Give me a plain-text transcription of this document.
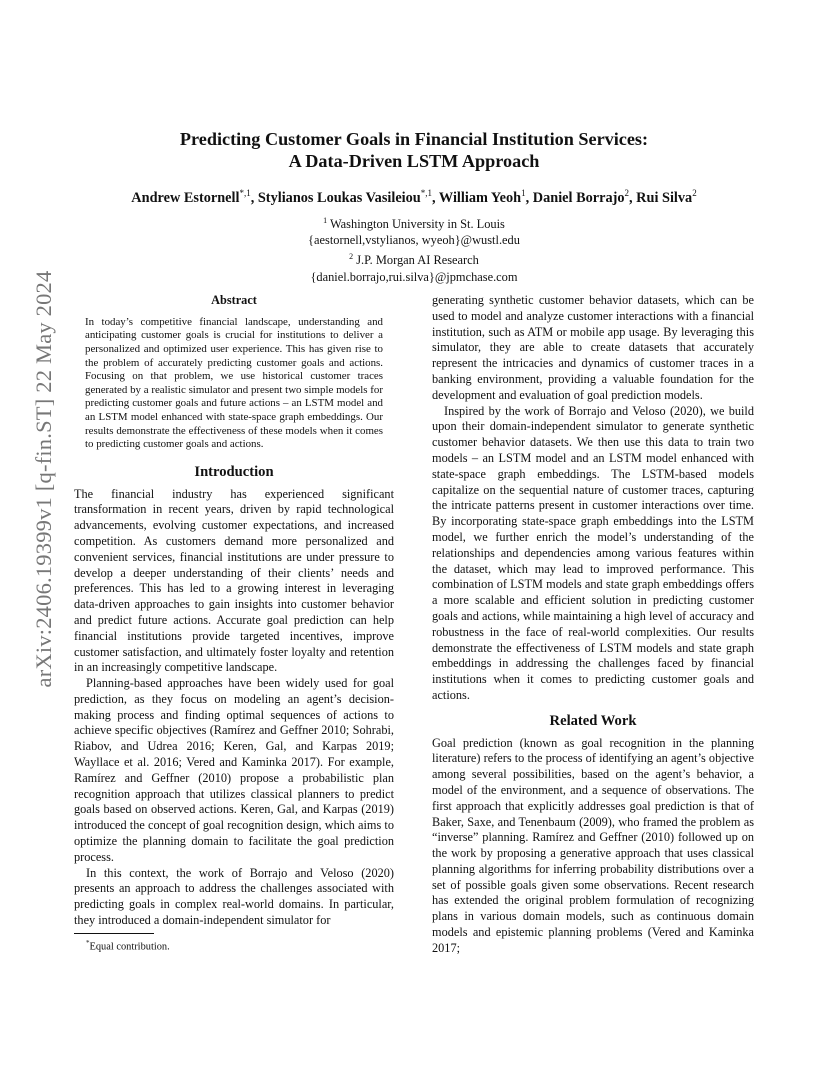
arXiv:2406.19399v1 [q-fin.ST] 22 May 2024
Predicting Customer Goals in Financial Institution Services:
A Data-Driven LSTM Approach
Andrew Estornell$^{*,1}$, Stylianos Loukas Vasileiou$^{*,1}$, William Yeoh$^1$, Daniel Borrajo$^2$, Rui Silva$^2$
$^1$ Washington University in St. Louis
{aestornell,vstylianos, wyeoh}@wustl.edu
$^2$ J.P. Morgan AI Research
{daniel.borrajo,rui.silva}@jpmchase.com
Abstract

In today’s competitive financial landscape, understanding and anticipating customer goals is crucial for institutions to deliver a personalized and optimized user experience. This has given rise to the problem of accurately predicting customer goals and actions. Focusing on that problem, we use historical customer traces generated by a realistic simulator and present two simple models for predicting customer goals and future actions – an LSTM model and an LSTM model enhanced with state-space graph embeddings. Our results demonstrate the effectiveness of these models when it comes to predicting customer goals and actions.

Introduction

The financial industry has experienced significant transformation in recent years, driven by rapid technological advancements, evolving customer expectations, and increased competition. As customers demand more personalized and convenient services, financial institutions are under pressure to develop a deeper understanding of their clients’ needs and preferences. This has led to a growing interest in leveraging data-driven approaches to gain insights into customer behavior and predict future actions. Accurate goal prediction can help financial institutions provide targeted incentives, improve customer satisfaction, and ultimately foster loyalty and retention in an increasingly competitive landscape.

Planning-based approaches have been widely used for goal prediction, as they focus on modeling an agent’s decision-making process and finding optimal sequences of actions to achieve specific objectives (Ramírez and Geffner 2010; Sohrabi, Riabov, and Udrea 2016; Keren, Gal, and Karpas 2019; Wayllace et al. 2016; Vered and Kaminka 2017). For example, Ramírez and Geffner (2010) propose a probabilistic plan recognition approach that utilizes classical planners to predict goals based on observed actions. Keren, Gal, and Karpas (2019) introduced the concept of goal recognition design, which aims to optimize the planning domain to facilitate the goal prediction process.

In this context, the work of Borrajo and Veloso (2020) presents an approach to address the challenges associated with predicting goals in complex real-world domains. In particular, they introduced a domain-independent simulator for

generating synthetic customer behavior datasets, which can be used to model and analyze customer interactions with a financial institution, such as ATM or mobile app usage. By leveraging this simulator, they are able to create datasets that accurately represent the intricacies and dynamics of customer traces in a banking environment, providing a valuable foundation for the development and evaluation of goal prediction models.

Inspired by the work of Borrajo and Veloso (2020), we build upon their domain-independent simulator to generate synthetic customer behavior datasets. We then use this data to train two models – an LSTM model and an LSTM model enhanced with state-space graph embeddings. The LSTM-based models capitalize on the sequential nature of customer traces, capturing the intricate patterns present in customer interactions over time. By incorporating state-space graph embeddings into the LSTM model, we further enrich the model’s understanding of the relationships and dependencies among various features within the dataset, which may lead to improved performance. This combination of LSTM models and state graph embeddings offers a more scalable and efficient solution in predicting customer goals and actions, while maintaining a high level of accuracy and robustness in the face of real-world complexities. Our results demonstrate the effectiveness of LSTM models and state graph embeddings in addressing the challenges faced by financial institutions when it comes to predicting customer goals and actions.

Related Work

Goal prediction (known as goal recognition in the planning literature) refers to the process of identifying an agent’s objective among several possibilities, based on the agent’s behavior, a model of the environment, and a sequence of observations. The first approach that explicitly addresses goal prediction is that of Baker, Saxe, and Tenenbaum (2009), who framed the problem as “inverse” planning. Ramírez and Geffner (2010) followed up on the work by proposing a generative approach that uses classical planning algorithms for inferring probability distributions over a set of possible goals given some observations. Recent research has extended the original problem formulation of recognizing plans in various domain models, such as continuous domain models and epistemic planning problems (Vered and Kaminka 2017;

*Equal contribution.
